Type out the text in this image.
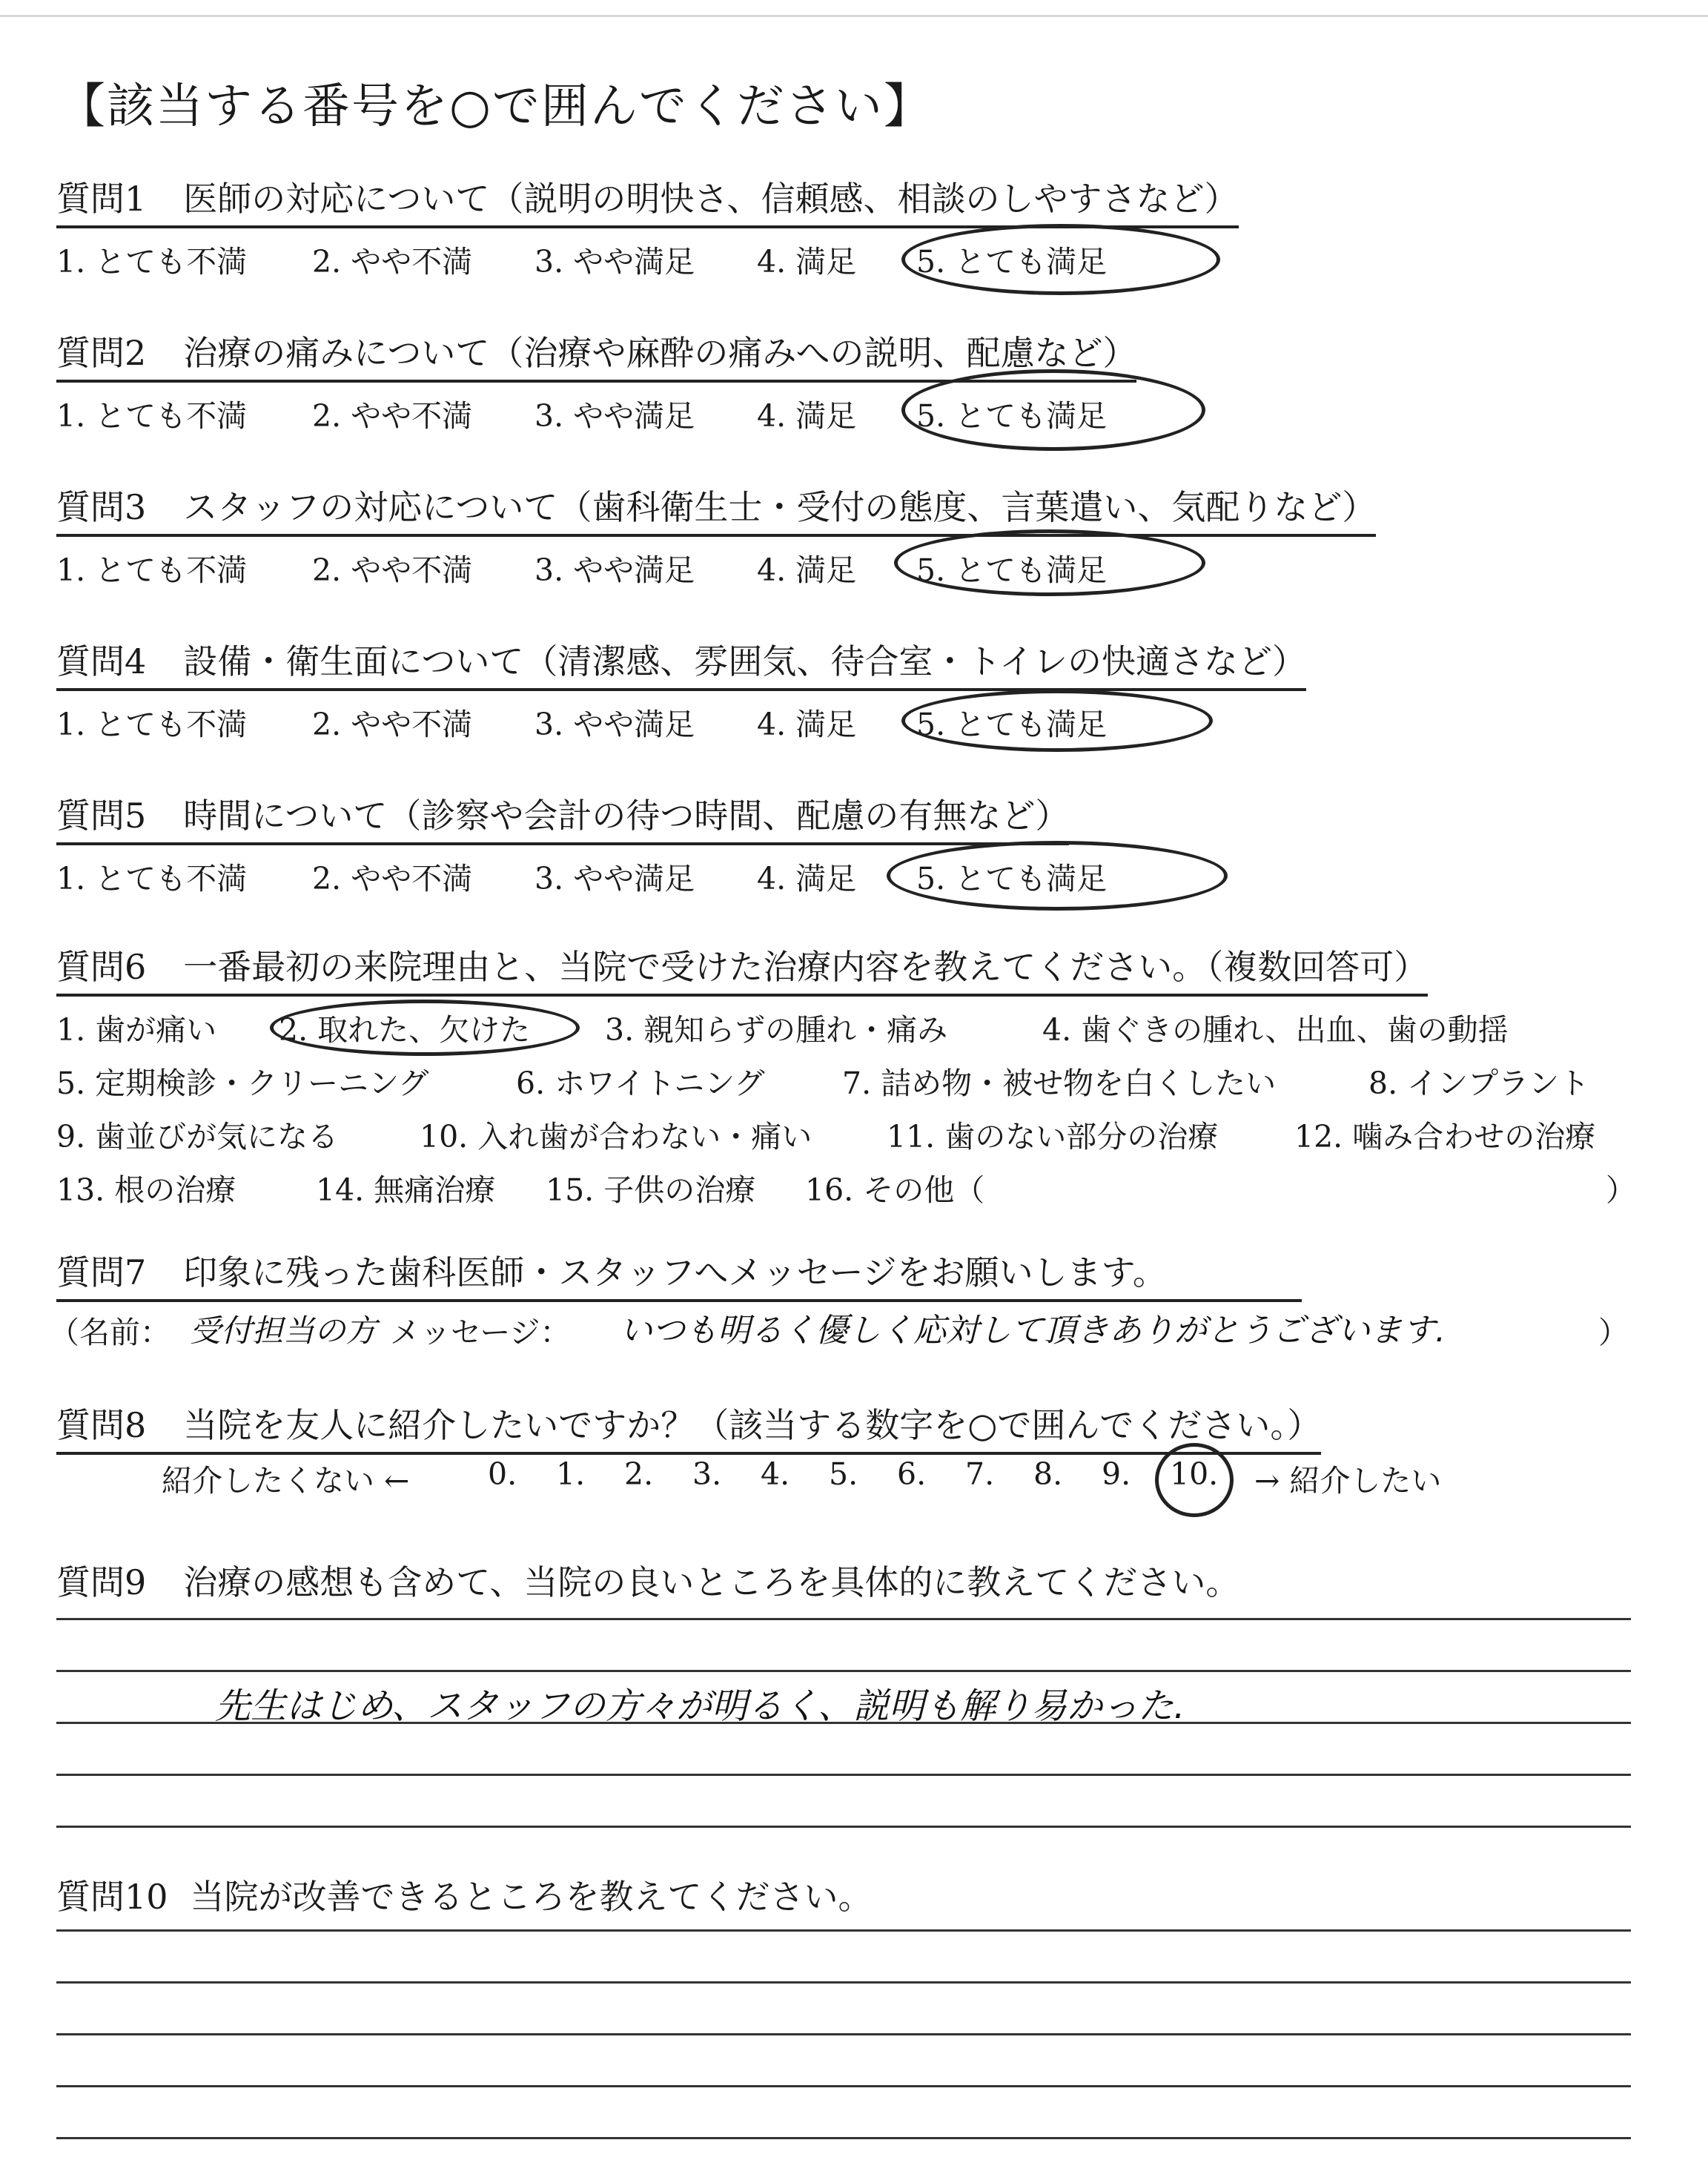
【該当する番号を○で囲んでください】
質問1 医師の対応について（説明の明快さ、信頼感、相談のしやすさなど）
1. とても不満 2. やや不満 3. やや満足 4. 満足 5. とても満足
質問2 治療の痛みについて（治療や麻酔の痛みへの説明、配慮など）
1. とても不満 2. やや不満 3. やや満足 4. 満足 5. とても満足
質問3 スタッフの対応について（歯科衛生士・受付の態度、言葉遣い、気配りなど）
1. とても不満 2. やや不満 3. やや満足 4. 満足 5. とても満足
質問4 設備・衛生面について（清潔感、雰囲気、待合室・トイレの快適さなど）
1. とても不満 2. やや不満 3. やや満足 4. 満足 5. とても満足
質問5 時間について（診察や会計の待つ時間、配慮の有無など）
1. とても不満 2. やや不満 3. やや満足 4. 満足 5. とても満足
質問6 一番最初の来院理由と、当院で受けた治療内容を教えてください。（複数回答可）
1. 歯が痛い 2. 取れた、欠けた 3. 親知らずの腫れ・痛み	4. 歯ぐきの腫れ、出血、歯の動揺
5. 定期検診・クリーニング	6. ホワイトニング	7. 詰め物・被せ物を白くしたい	8. インプラント
9. 歯並びが気になる	10. 入れ歯が合わない・痛い 11. 歯のない部分の治療	12. 噛み合わせの治療
13. 根の治療	14. 無痛治療 15. 子供の治療 16. その他（	）
質問7 印象に残った歯科医師・スタッフへメッセージをお願いします。
（名前： 受付担当の方 メッセージ： いつも明るく優しく応対して頂きありがとうございます.	）
質問8 当院を友人に紹介したいですか？（該当する数字を○で囲んでください。）
紹介したくない ←	0. 1. 2. 3. 4. 5. 6. 7. 8. 9. 10. → 紹介したい
質問9 治療の感想も含めて、当院の良いところを具体的に教えてください。
先生はじめ、スタッフの方々が明るく、説明も解り易かった.
質問10 当院が改善できるところを教えてください。
